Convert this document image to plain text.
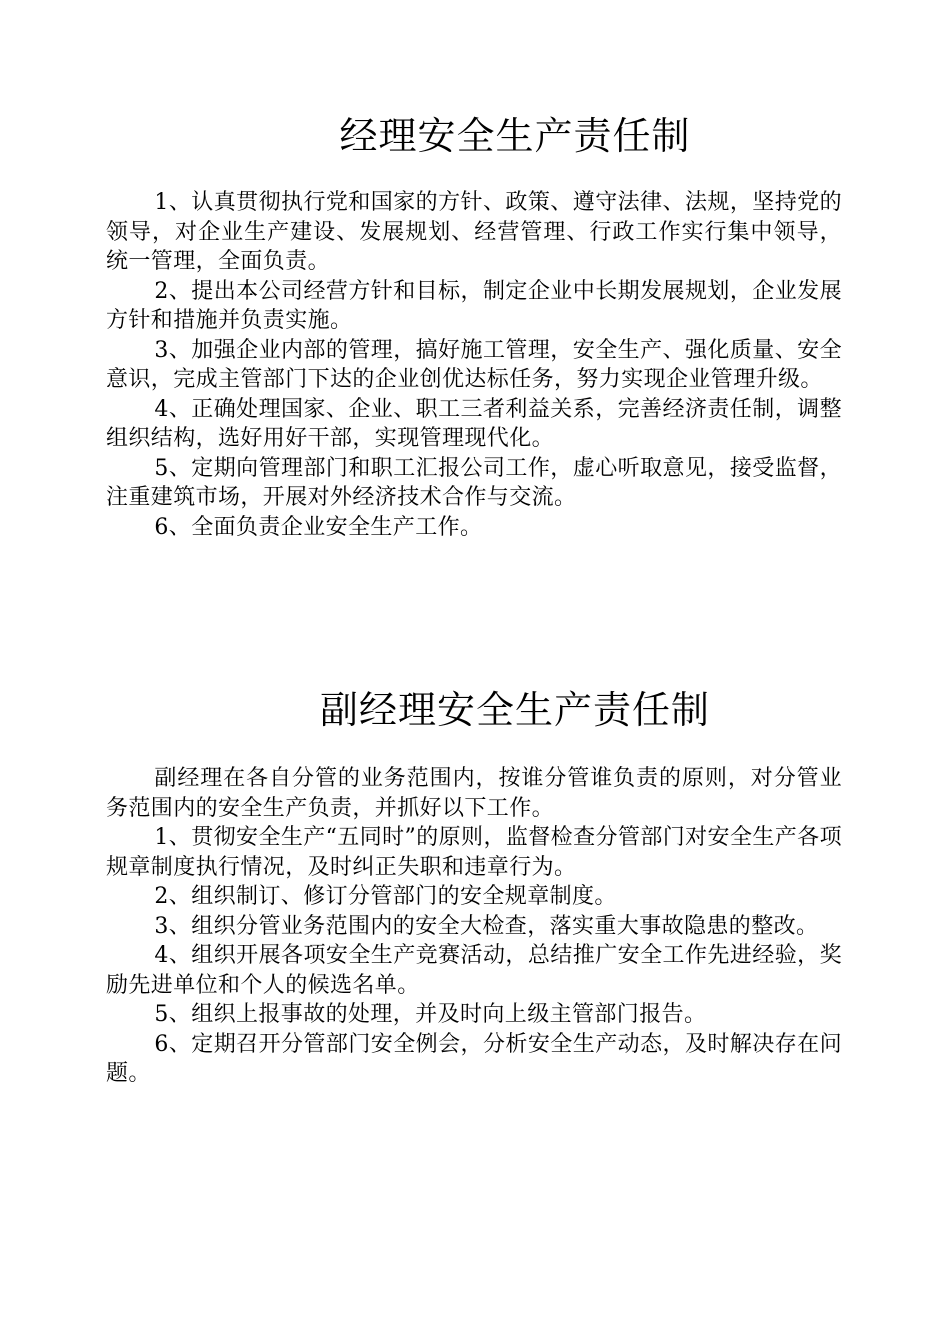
经理安全生产责任制

1、认真贯彻执行党和国家的方针、政策、遵守法律、法规，坚持党的领导，对企业生产建设、发展规划、经营管理、行政工作实行集中领导，统一管理，全面负责。

2、提出本公司经营方针和目标，制定企业中长期发展规划，企业发展方针和措施并负责实施。

3、加强企业内部的管理，搞好施工管理，安全生产、强化质量、安全意识，完成主管部门下达的企业创优达标任务，努力实现企业管理升级。

4、正确处理国家、企业、职工三者利益关系，完善经济责任制，调整组织结构，选好用好干部，实现管理现代化。

5、定期向管理部门和职工汇报公司工作，虚心听取意见，接受监督，注重建筑市场，开展对外经济技术合作与交流。

6、全面负责企业安全生产工作。

副经理安全生产责任制

副经理在各自分管的业务范围内，按谁分管谁负责的原则，对分管业务范围内的安全生产负责，并抓好以下工作。

1、贯彻安全生产“五同时”的原则，监督检查分管部门对安全生产各项规章制度执行情况，及时纠正失职和违章行为。

2、组织制订、修订分管部门的安全规章制度。

3、组织分管业务范围内的安全大检查，落实重大事故隐患的整改。

4、组织开展各项安全生产竞赛活动，总结推广安全工作先进经验，奖励先进单位和个人的候选名单。

5、组织上报事故的处理，并及时向上级主管部门报告。

6、定期召开分管部门安全例会，分析安全生产动态，及时解决存在问题。
